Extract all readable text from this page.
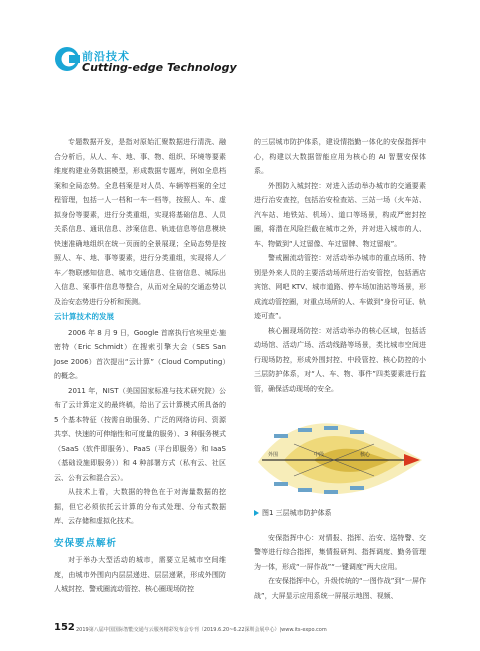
前沿技术
Cutting-edge Technology

专题数据开发，是指对原始汇聚数据进行清洗、融合分析后，从人、车、地、事、物、组织、环境等要素维度构建业务数据模型，形成数据专题库，例如全息档案和全局态势。全息档案是对人员、车辆等档案的全过程管理，包括一人一档和一车一档等，按照人、车、虚拟身份等要素，进行分类重组，实现将基础信息、人员关系信息、通讯信息、涉案信息、轨迹信息等信息模块快速准确地组织在统一页面的全景展现；全局态势是按照人、车、地、事等要素，进行分类重组，实现将人／车／物联感知信息、城市交通信息、住宿信息、城际出入信息、案事件信息等整合，从而对全局的交通态势以及治安态势进行分析和预测。

云计算技术的发展

2006 年 8 月 9 日，Google 首席执行官埃里克·施密特（Eric Schmidt）在搜索引擎大会（SES San Jose 2006）首次提出“云计算”（Cloud Computing）的概念。

2011 年，NIST（美国国家标准与技术研究院）公布了云计算定义的最终稿，给出了云计算模式所具备的 5 个基本特征（按需自助服务、广泛的网络访问、资源共享、快速的可伸缩性和可度量的服务）、3 种服务模式（SaaS（软件即服务）、PaaS（平台即服务）和 IaaS（基础设施即服务））和 4 种部署方式（私有云、社区云、公有云和混合云）。

从技术上看，大数据的特色在于对海量数据的挖掘，但它必须依托云计算的分布式处理、分布式数据库、云存储和虚拟化技术。

安保要点解析

对于举办大型活动的城市，需要立足城市空间维度，由城市外围向内层层递进、层层递紧，形成外围防人城封控、警戒圈流动管控、核心圈现场防控

的三层城市防护体系，建设情指勤一体化的安保指挥中心，构建以大数据智能应用为核心的 AI 智慧安保体系。

外围防入城封控：对进入活动举办城市的交通要素进行治安查控，包括治安检查站、三站一场（火车站、汽车站、地铁站、机场）、道口等场景，构成严密封控圈，将潜在风险拦截在城市之外，并对进入城市的人、车、物做到“人过留像、车过留牌、物过留痕”。

警戒圈流动管控：对活动举办城市的重点场所、特别是外来人员的主要活动场所进行治安管控，包括酒店宾馆、网吧 KTV、城市道路、停车场加油站等场景，形成流动管控圈，对重点场所的人、车做到“身份可证、轨迹可查”。

核心圈现场防控：对活动举办的核心区域，包括活动场馆、活动广场、活动线路等场景，类比城市空间进行现场防控，形成外围封控、中段管控、核心防控的小三层防护体系，对“人、车、物、事件”四类要素进行监管，确保活动现场的安全。

外围	中段	核心
图1 三层城市防护体系

安保指挥中心：对情报、指挥、治安、巡特警、交警等进行综合指挥，集情报研判、指挥调度、勤务管理为一体，形成“一屏作战”“一键调度”两大应用。

在安保指挥中心，升级传统的“一图作战”到“一屏作战”，大屏显示应用系统一屏展示地图、视频、

152 2019第八届中国国际智能交通与云服务精彩发布会专刊（2019.6.20~6.22深圳会展中心）|www.its-expo.com
